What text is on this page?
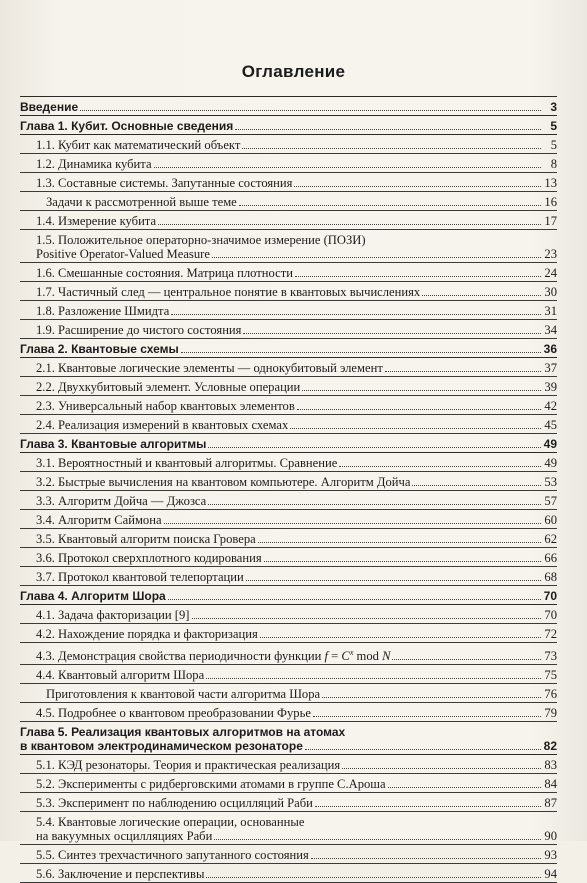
Оглавление
Введение	3
Глава 1. Кубит. Основные сведения	5
1.1. Кубит как математический объект	5
1.2. Динамика кубита	8
1.3. Составные системы. Запутанные состояния	13
Задачи к рассмотренной выше теме	16
1.4. Измерение кубита	17
1.5. Положительное операторно-значимое измерение (ПОЗИ)
Positive Operator-Valued Measure	23
1.6. Смешанные состояния. Матрица плотности	24
1.7. Частичный след — центральное понятие в квантовых вычислениях	30
1.8. Разложение Шмидта	31
1.9. Расширение до чистого состояния	34
Глава 2. Квантовые схемы	36
2.1. Квантовые логические элементы — однокубитовый элемент	37
2.2. Двухкубитовый элемент. Условные операции	39
2.3. Универсальный набор квантовых элементов	42
2.4. Реализация измерений в квантовых схемах	45
Глава 3. Квантовые алгоритмы	49
3.1. Вероятностный и квантовый алгоритмы. Сравнение	49
3.2. Быстрые вычисления на квантовом компьютере. Алгоритм Дойча	53
3.3. Алгоритм Дойча — Джозса	57
3.4. Алгоритм Саймона	60
3.5. Квантовый алгоритм поиска Гровера	62
3.6. Протокол сверхплотного кодирования	66
3.7. Протокол квантовой телепортации	68
Глава 4. Алгоритм Шора	70
4.1. Задача факторизации [9]	70
4.2. Нахождение порядка и факторизация	72
4.3. Демонстрация свойства периодичности функции $f = C^x$ mod N	73
4.4. Квантовый алгоритм Шора	75
Приготовления к квантовой части алгоритма Шора	76
4.5. Подробнее о квантовом преобразовании Фурье	79
Глава 5. Реализация квантовых алгоритмов на атомах
в квантовом электродинамическом резонаторе	82
5.1. КЭД резонаторы. Теория и практическая реализация	83
5.2. Эксперименты с ридберговскими атомами в группе С.Ароша	84
5.3. Эксперимент по наблюдению осцилляций Раби	87
5.4. Квантовые логические операции, основанные
на вакуумных осцилляциях Раби	90
5.5. Синтез трехчастичного запутанного состояния	93
5.6. Заключение и перспективы	94
